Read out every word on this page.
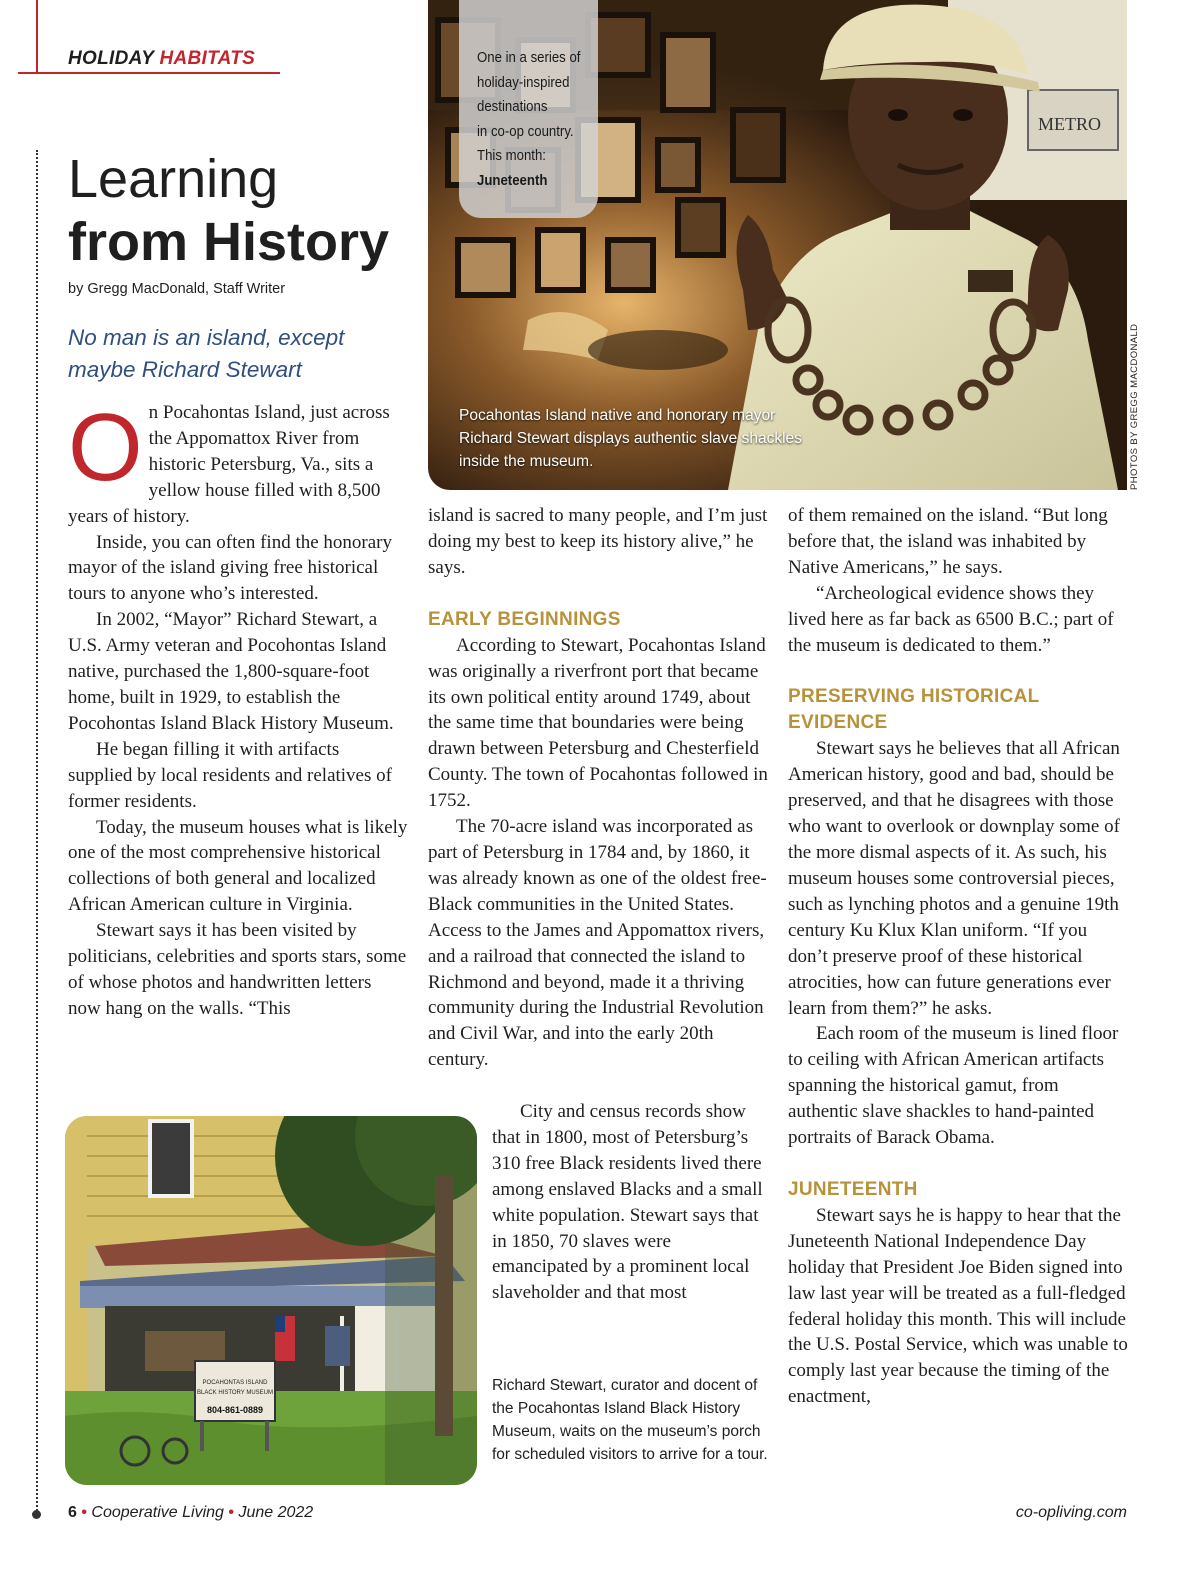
HOLIDAY HABITATS
Learning
from History
by Gregg MacDonald, Staff Writer
No man is an island, except maybe Richard Stewart
METRO
One in a series of
holiday-inspired
destinations
in co-op country.
This month:
Juneteenth
Pocahontas Island native and honorary mayor Richard Stewart displays authentic slave shackles inside the museum.	PHOTOS BY GREGG MACDONALD

On Pocahontas Island, just across the Appomattox River from historic Petersburg, Va., sits a yellow house filled with 8,500 years of history.

Inside, you can often find the honorary mayor of the island giving free historical tours to anyone who’s interested.

In 2002, “Mayor” Richard Stewart, a U.S. Army veteran and Pocohontas Island native, purchased the 1,800-square-foot home, built in 1929, to establish the Pocohontas Island Black History Museum.

He began filling it with artifacts supplied by local residents and relatives of former residents.

Today, the museum houses what is likely one of the most comprehensive historical collections of both general and localized African American culture in Virginia.

Stewart says it has been visited by politicians, celebrities and sports stars, some of whose photos and handwritten letters now hang on the walls. “This

island is sacred to many people, and I’m just doing my best to keep its history alive,” he says.

EARLY BEGINNINGS

According to Stewart, Pocahontas Island was originally a riverfront port that became its own political entity around 1749, about the same time that boundaries were being drawn between Petersburg and Chesterfield County. The town of Pocahontas followed in 1752.

The 70-acre island was incorporated as part of Petersburg in 1784 and, by 1860, it was already known as one of the oldest free-Black communities in the United States. Access to the James and Appomattox rivers, and a railroad that connected the island to Richmond and beyond, made it a thriving community during the Industrial Revolution and Civil War, and into the early 20th century.

City and census records show that in 1800, most of Petersburg’s 310 free Black residents lived there among enslaved Blacks and a small white population. Stewart says that in 1850, 70 slaves were emancipated by a prominent local slaveholder and that most

of them remained on the island. “But long before that, the island was inhabited by Native Americans,” he says.

“Archeological evidence shows they lived here as far back as 6500 B.C.; part of the museum is dedicated to them.”

PRESERVING HISTORICAL EVIDENCE

Stewart says he believes that all African American history, good and bad, should be preserved, and that he disagrees with those who want to overlook or downplay some of the more dismal aspects of it. As such, his museum houses some controversial pieces, such as lynching photos and a genuine 19th century Ku Klux Klan uniform. “If you don’t preserve proof of these historical atrocities, how can future generations ever learn from them?” he asks.

Each room of the museum is lined floor to ceiling with African American artifacts spanning the historical gamut, from authentic slave shackles to hand-painted portraits of Barack Obama.

JUNETEENTH

Stewart says he is happy to hear that the Juneteenth National Independence Day holiday that President Joe Biden signed into law last year will be treated as a full-fledged federal holiday this month. This will include the U.S. Postal Service, which was unable to comply last year because the timing of the enactment,

POCAHONTAS ISLAND
BLACK HISTORY MUSEUM
804-861-0889
Richard Stewart, curator and docent of the Pocahontas Island Black History Museum, waits on the museum’s porch for scheduled visitors to arrive for a tour.
6 • Cooperative Living • June 2022	co-opliving.com
